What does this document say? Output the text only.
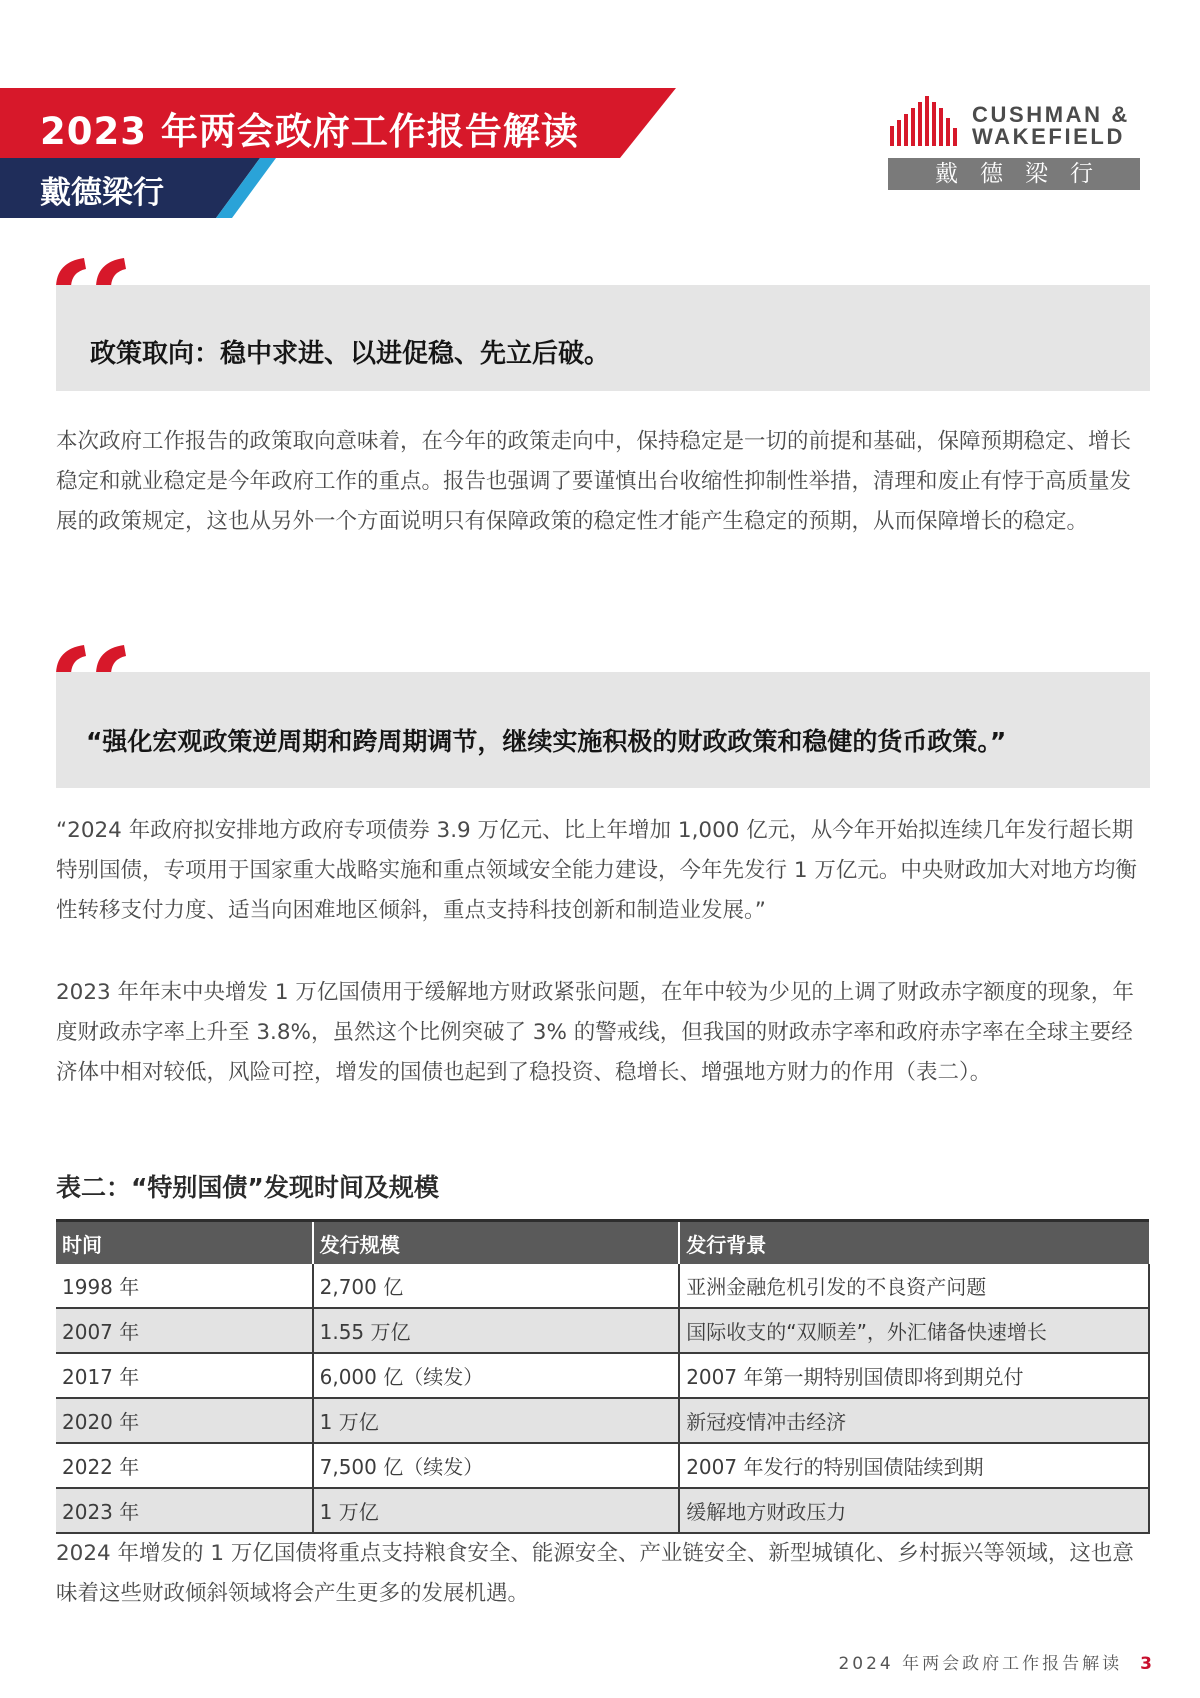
2023 年两会政府工作报告解读
戴德梁行
CUSHMAN &
WAKEFIELD
戴德梁行
政策取向：稳中求进、以进促稳、先立后破。

本次政府工作报告的政策取向意味着，在今年的政策走向中，保持稳定是一切的前提和基础，保障预期稳定、增长稳定和就业稳定是今年政府工作的重点。报告也强调了要谨慎出台收缩性抑制性举措，清理和废止有悖于高质量发展的政策规定，这也从另外一个方面说明只有保障政策的稳定性才能产生稳定的预期，从而保障增长的稳定。

“强化宏观政策逆周期和跨周期调节，继续实施积极的财政政策和稳健的货币政策。”

“2024 年政府拟安排地方政府专项债券 3.9 万亿元、比上年增加 1,000 亿元，从今年开始拟连续几年发行超长期特别国债，专项用于国家重大战略实施和重点领域安全能力建设，今年先发行 1 万亿元。中央财政加大对地方均衡性转移支付力度、适当向困难地区倾斜，重点支持科技创新和制造业发展。”

2023 年年末中央增发 1 万亿国债用于缓解地方财政紧张问题，在年中较为少见的上调了财政赤字额度的现象，年度财政赤字率上升至 3.8%，虽然这个比例突破了 3% 的警戒线，但我国的财政赤字率和政府赤字率在全球主要经济体中相对较低，风险可控，增发的国债也起到了稳投资、稳增长、增强地方财力的作用（表二）。

表二：“特别国债”发现时间及规模
时间	发行规模	发行背景
1998 年	2,700 亿	亚洲金融危机引发的不良资产问题
2007 年	1.55 万亿	国际收支的“双顺差”，外汇储备快速增长
2017 年	6,000 亿（续发）	2007 年第一期特别国债即将到期兑付
2020 年	1 万亿	新冠疫情冲击经济
2022 年	7,500 亿（续发）	2007 年发行的特别国债陆续到期
2023 年	1 万亿	缓解地方财政压力

2024 年增发的 1 万亿国债将重点支持粮食安全、能源安全、产业链安全、新型城镇化、乡村振兴等领域，这也意味着这些财政倾斜领域将会产生更多的发展机遇。

2024 年两会政府工作报告解读 3
